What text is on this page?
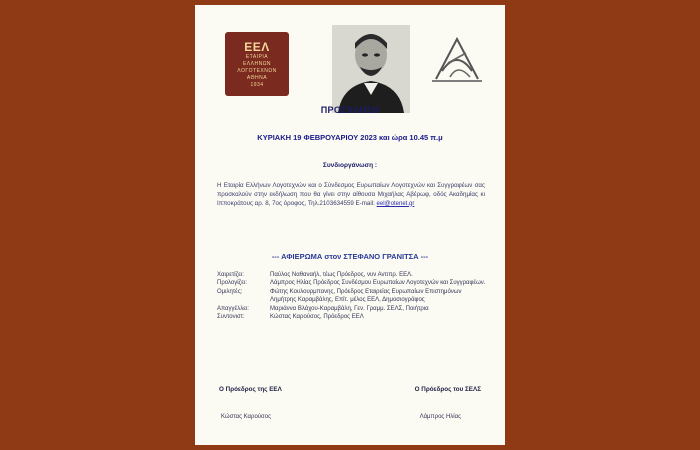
ΕΕΛ
ΕΤΑΙΡΙΑ
ΕΛΛΗΝΩΝ
ΛΟΓΟΤΕΧΝΩΝ
ΑΘΗΝΑ
1934
ΠΡΟΣΚΛΗΣΗ
ΚΥΡΙΑΚΗ 19 ΦΕΒΡΟΥΑΡΙΟΥ 2023 και ώρα 10.45 π.μ
Συνδιοργάνωση :
Η Εταιρία Ελλήνων Λογοτεχνών και ο Σύνδεσμος Ευρωπαίων Λογοτεχνών και Συγγραφέων σας προσκαλούν στην εκδήλωση που θα γίνει στην αίθουσα Μιχαήλας Αβέρωφ, οδός Ακαδημίας κι Ιπποκράτους αρ. 8, 7ος όροφος, Τηλ.2103634559 E-mail: eel@otenet.gr
--- ΑΦΙΕΡΩΜΑ στον ΣΤΕΦΑΝΟ ΓΡΑΝΙΤΣΑ ---
Χαιρετίζει:	Παύλος Ναθαναήλ, τέως Πρόεδρος, νυν Αντιπρ. ΕΕΛ.
Προλογίζει:	Λάμπρος Ηλίας Πρόεδρος Συνδέσμου Ευρωπαίων Λογοτεχνών και Συγγραφέων.
Ομιλητές:	Φώτης Κουλουρμπανης, Πρόεδρος Εταιρείας Ευρωπαίων Επιστημόνων
Λημήτρης Καραμβάλης, Επίτ. μέλος ΕΕΛ, Δημοσιογράφος
Απαγγέλλει:	Μαριάννα Βλάχου-Καραμβάλη, Γεν. Γραμμ. ΣΕΛΣ, Ποιήτρια
Συντονιστ:	Κώστας Καρούσος, Πρόεδρος ΕΕΛ
Ο Πρόεδρος της ΕΕΛ	Ο Πρόεδρος του ΣΕΛΣ
Κώστας Καρούσος	Λάμπρος Ηλίας
